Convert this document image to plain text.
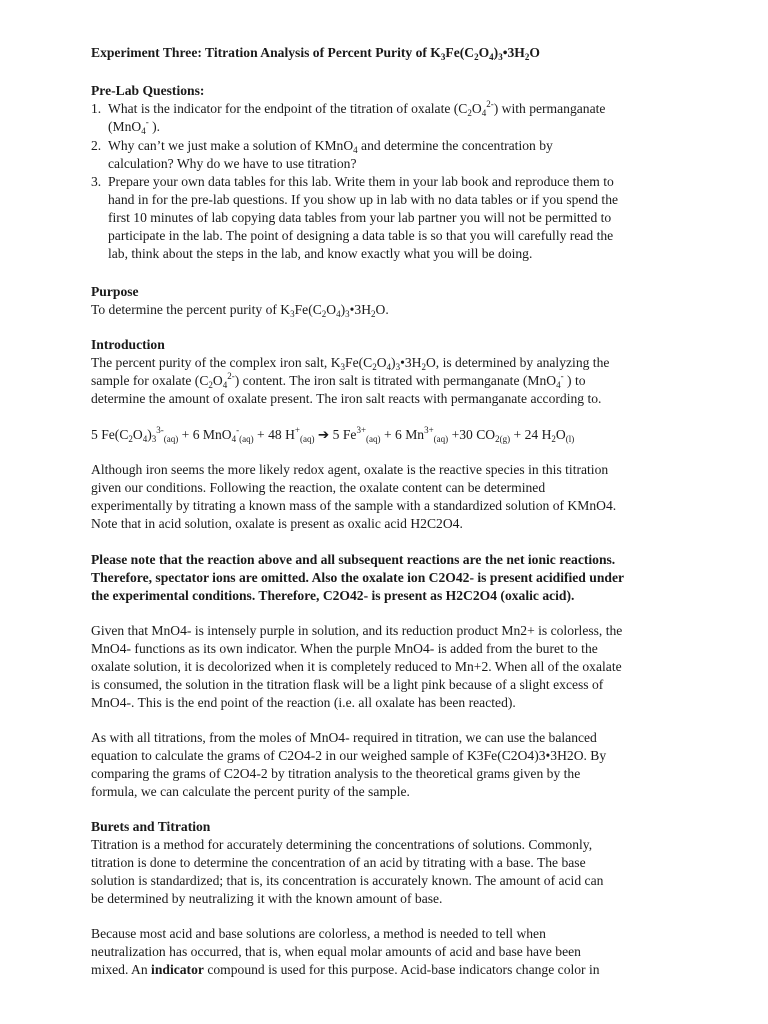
Experiment Three: Titration Analysis of Percent Purity of $K_3Fe(C_2O_4)_3•3H_2O$
Pre-Lab Questions:
1. What is the indicator for the endpoint of the titration of oxalate $(C_2O_4^{2-})$ with permanganate
(MnO$_4$- ).
2. Why can’t we just make a solution of KMnO$_4$ and determine the concentration by
calculation? Why do we have to use titration?
3. Prepare your own data tables for this lab. Write them in your lab book and reproduce them to
hand in for the pre-lab questions. If you show up in lab with no data tables or if you spend the
first 10 minutes of lab copying data tables from your lab partner you will not be permitted to
participate in the lab. The point of designing a data table is so that you will carefully read the
lab, think about the steps in the lab, and know exactly what you will be doing.
Purpose
To determine the percent purity of $K_3Fe(C_2O_4)_3•3H_2O$.
Introduction
The percent purity of the complex iron salt, $K_3Fe(C_2O_4)_3•3H_2O$, is determined by analyzing the
sample for oxalate $(C_2O_4^{2-})$ content. The iron salt is titrated with permanganate (MnO$_4$- ) to
determine the amount of oxalate present. The iron salt reacts with permanganate according to.
5 $Fe(C_2O_4)_3^{3-}_{(aq)} + 6$ MnO$_4$-$_{(aq)}$ + 48 $H^+_{(aq)}$ ➔ 5 $Fe^{3+}_{(aq)} + 6$ $Mn^{3+}_{(aq)} +30$ $CO_{2(g)} + 24$ $H_2O_{(l)}$
Although iron seems the more likely redox agent, oxalate is the reactive species in this titration
given our conditions. Following the reaction, the oxalate content can be determined
experimentally by titrating a known mass of the sample with a standardized solution of KMnO4.
Note that in acid solution, oxalate is present as oxalic acid H2C2O4.
Please note that the reaction above and all subsequent reactions are the net ionic reactions.
Therefore, spectator ions are omitted. Also the oxalate ion C2O42- is present acidified under
the experimental conditions. Therefore, C2O42- is present as H2C2O4 (oxalic acid).
Given that MnO4- is intensely purple in solution, and its reduction product Mn2+ is colorless, the
MnO4- functions as its own indicator. When the purple MnO4- is added from the buret to the
oxalate solution, it is decolorized when it is completely reduced to Mn+2. When all of the oxalate
is consumed, the solution in the titration flask will be a light pink because of a slight excess of
MnO4-. This is the end point of the reaction (i.e. all oxalate has been reacted).
As with all titrations, from the moles of MnO4- required in titration, we can use the balanced
equation to calculate the grams of C2O4-2 in our weighed sample of K3Fe(C2O4)3•3H2O. By
comparing the grams of C2O4-2 by titration analysis to the theoretical grams given by the
formula, we can calculate the percent purity of the sample.
Burets and Titration
Titration is a method for accurately determining the concentrations of solutions. Commonly,
titration is done to determine the concentration of an acid by titrating with a base. The base
solution is standardized; that is, its concentration is accurately known. The amount of acid can
be determined by neutralizing it with the known amount of base.
Because most acid and base solutions are colorless, a method is needed to tell when
neutralization has occurred, that is, when equal molar amounts of acid and base have been
mixed. An indicator compound is used for this purpose. Acid-base indicators change color in
